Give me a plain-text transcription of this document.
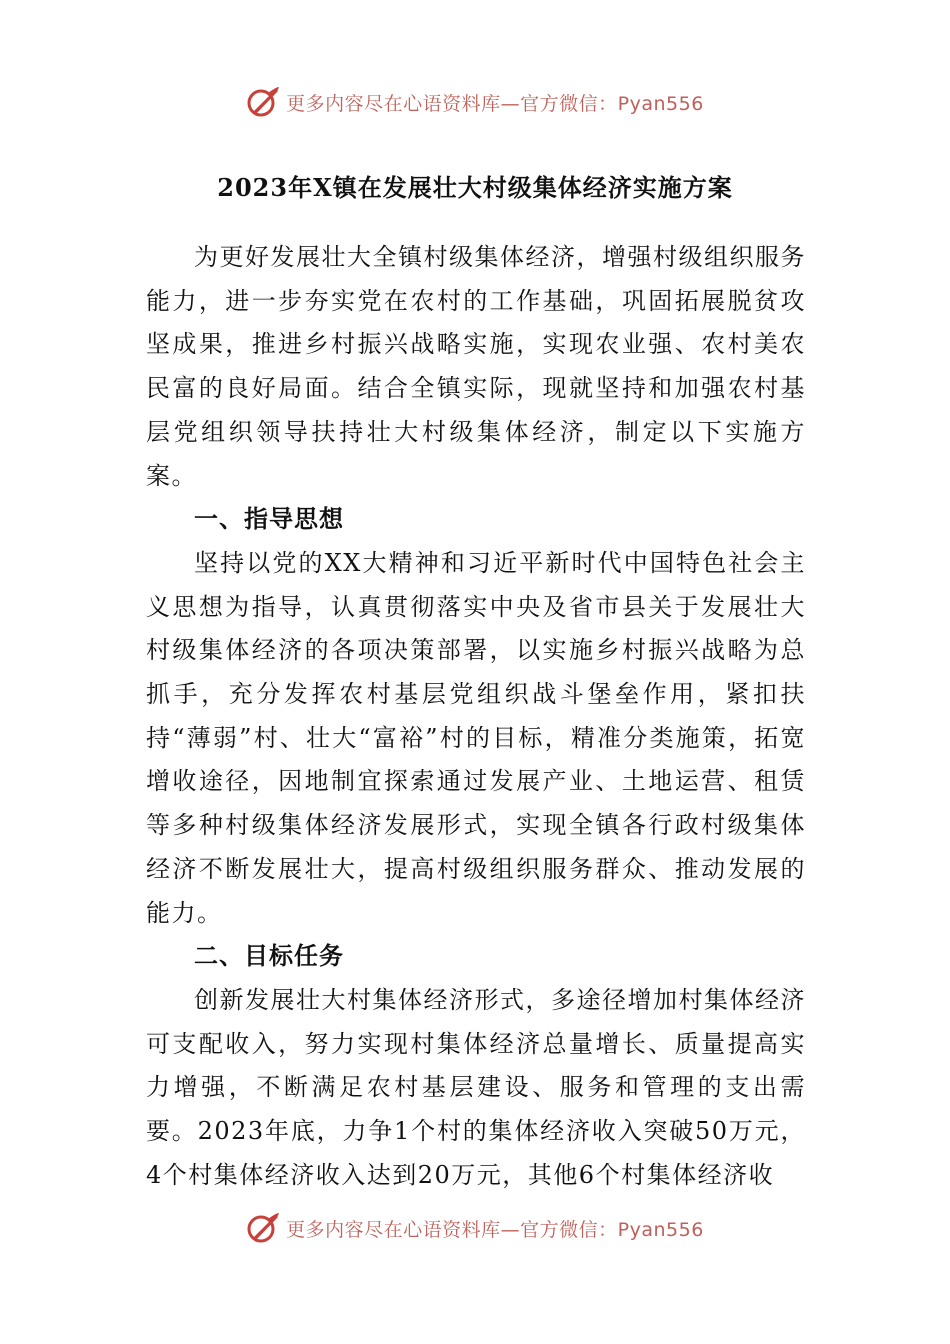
更多内容尽在心语资料库—官方微信：Pyan556
2023年X镇在发展壮大村级集体经济实施方案

为更好发展壮大全镇村级集体经济，增强村级组织服务能力，进一步夯实党在农村的工作基础，巩固拓展脱贫攻坚成果，推进乡村振兴战略实施，实现农业强、农村美农民富的良好局面。结合全镇实际，现就坚持和加强农村基层党组织领导扶持壮大村级集体经济，制定以下实施方案。

一、指导思想

坚持以党的XX大精神和习近平新时代中国特色社会主义思想为指导，认真贯彻落实中央及省市县关于发展壮大村级集体经济的各项决策部署，以实施乡村振兴战略为总抓手，充分发挥农村基层党组织战斗堡垒作用，紧扣扶持“薄弱”村、壮大“富裕”村的目标，精准分类施策，拓宽增收途径，因地制宜探索通过发展产业、土地运营、租赁等多种村级集体经济发展形式，实现全镇各行政村级集体经济不断发展壮大，提高村级组织服务群众、推动发展的能力。

二、目标任务

创新发展壮大村集体经济形式，多途径增加村集体经济可支配收入，努力实现村集体经济总量增长、质量提高实力增强，不断满足农村基层建设、服务和管理的支出需要。2023年底，力争1个村的集体经济收入突破50万元，4个村集体经济收入达到20万元，其他6个村集体经济收

更多内容尽在心语资料库—官方微信：Pyan556
